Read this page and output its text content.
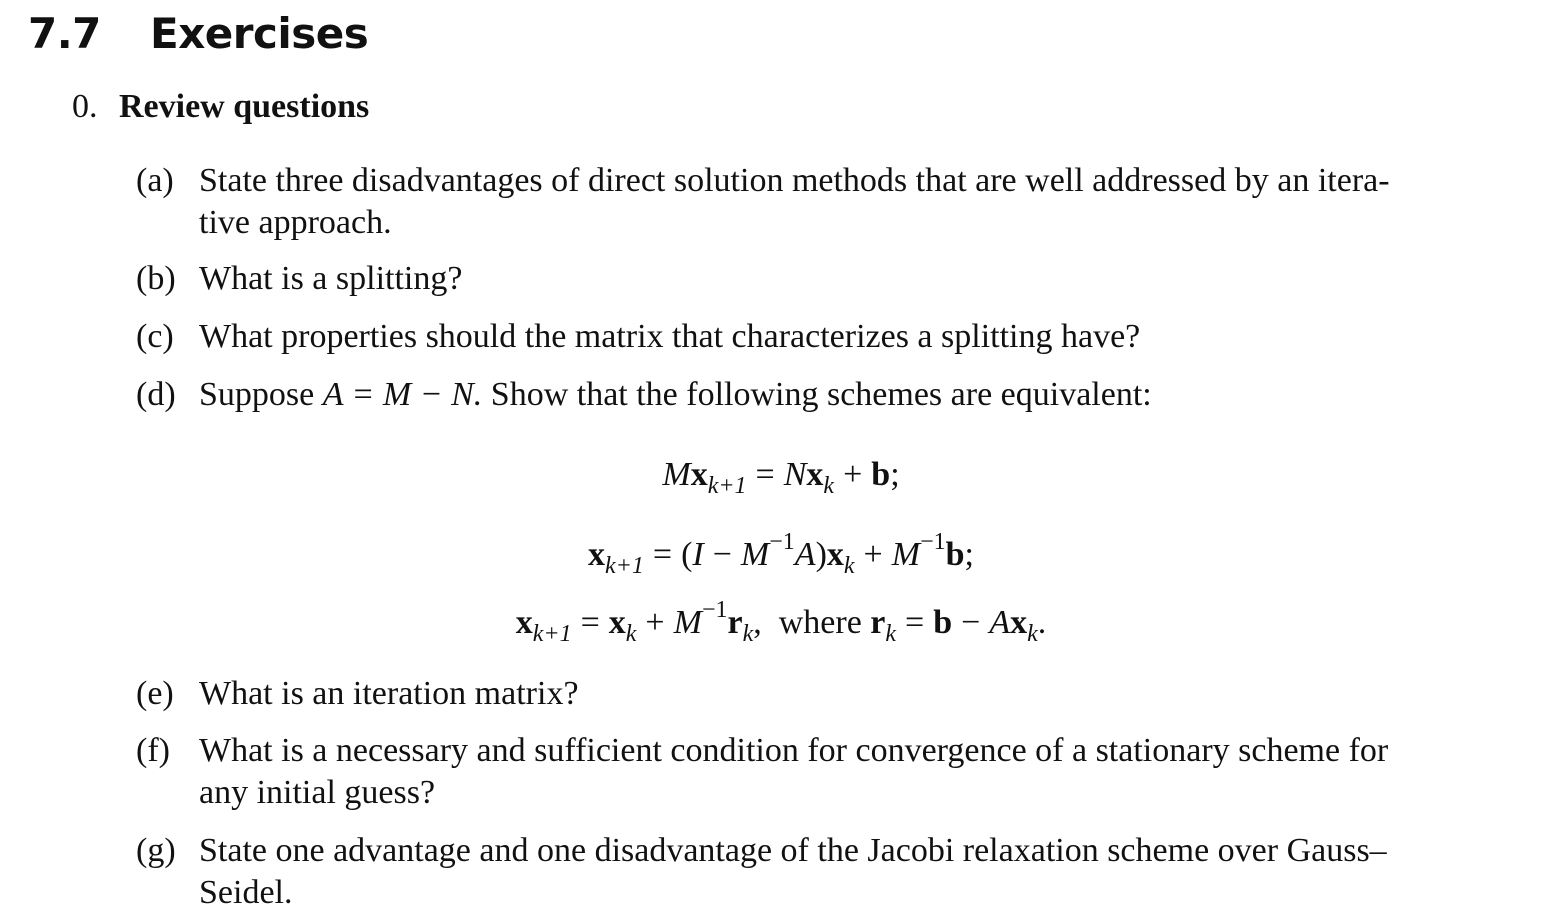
7.7 Exercises
0. Review questions
(a) State three disadvantages of direct solution methods that are well addressed by an itera-
tive approach.
(b) What is a splitting?
(c) What properties should the matrix that characterizes a splitting have?
(d) Suppose A = M − N. Show that the following schemes are equivalent:
$Mx_{k+1} = Nx_k + b$;
$x_{k+1} = (I - M^{-1}A)x_k + M^{-1}b$;
$x_{k+1} = x_k + M^{-1}r_k$,  where $r_k = b - Ax_k$.
(e) What is an iteration matrix?
(f) What is a necessary and sufficient condition for convergence of a stationary scheme for
any initial guess?
(g) State one advantage and one disadvantage of the Jacobi relaxation scheme over Gauss–
Seidel.
